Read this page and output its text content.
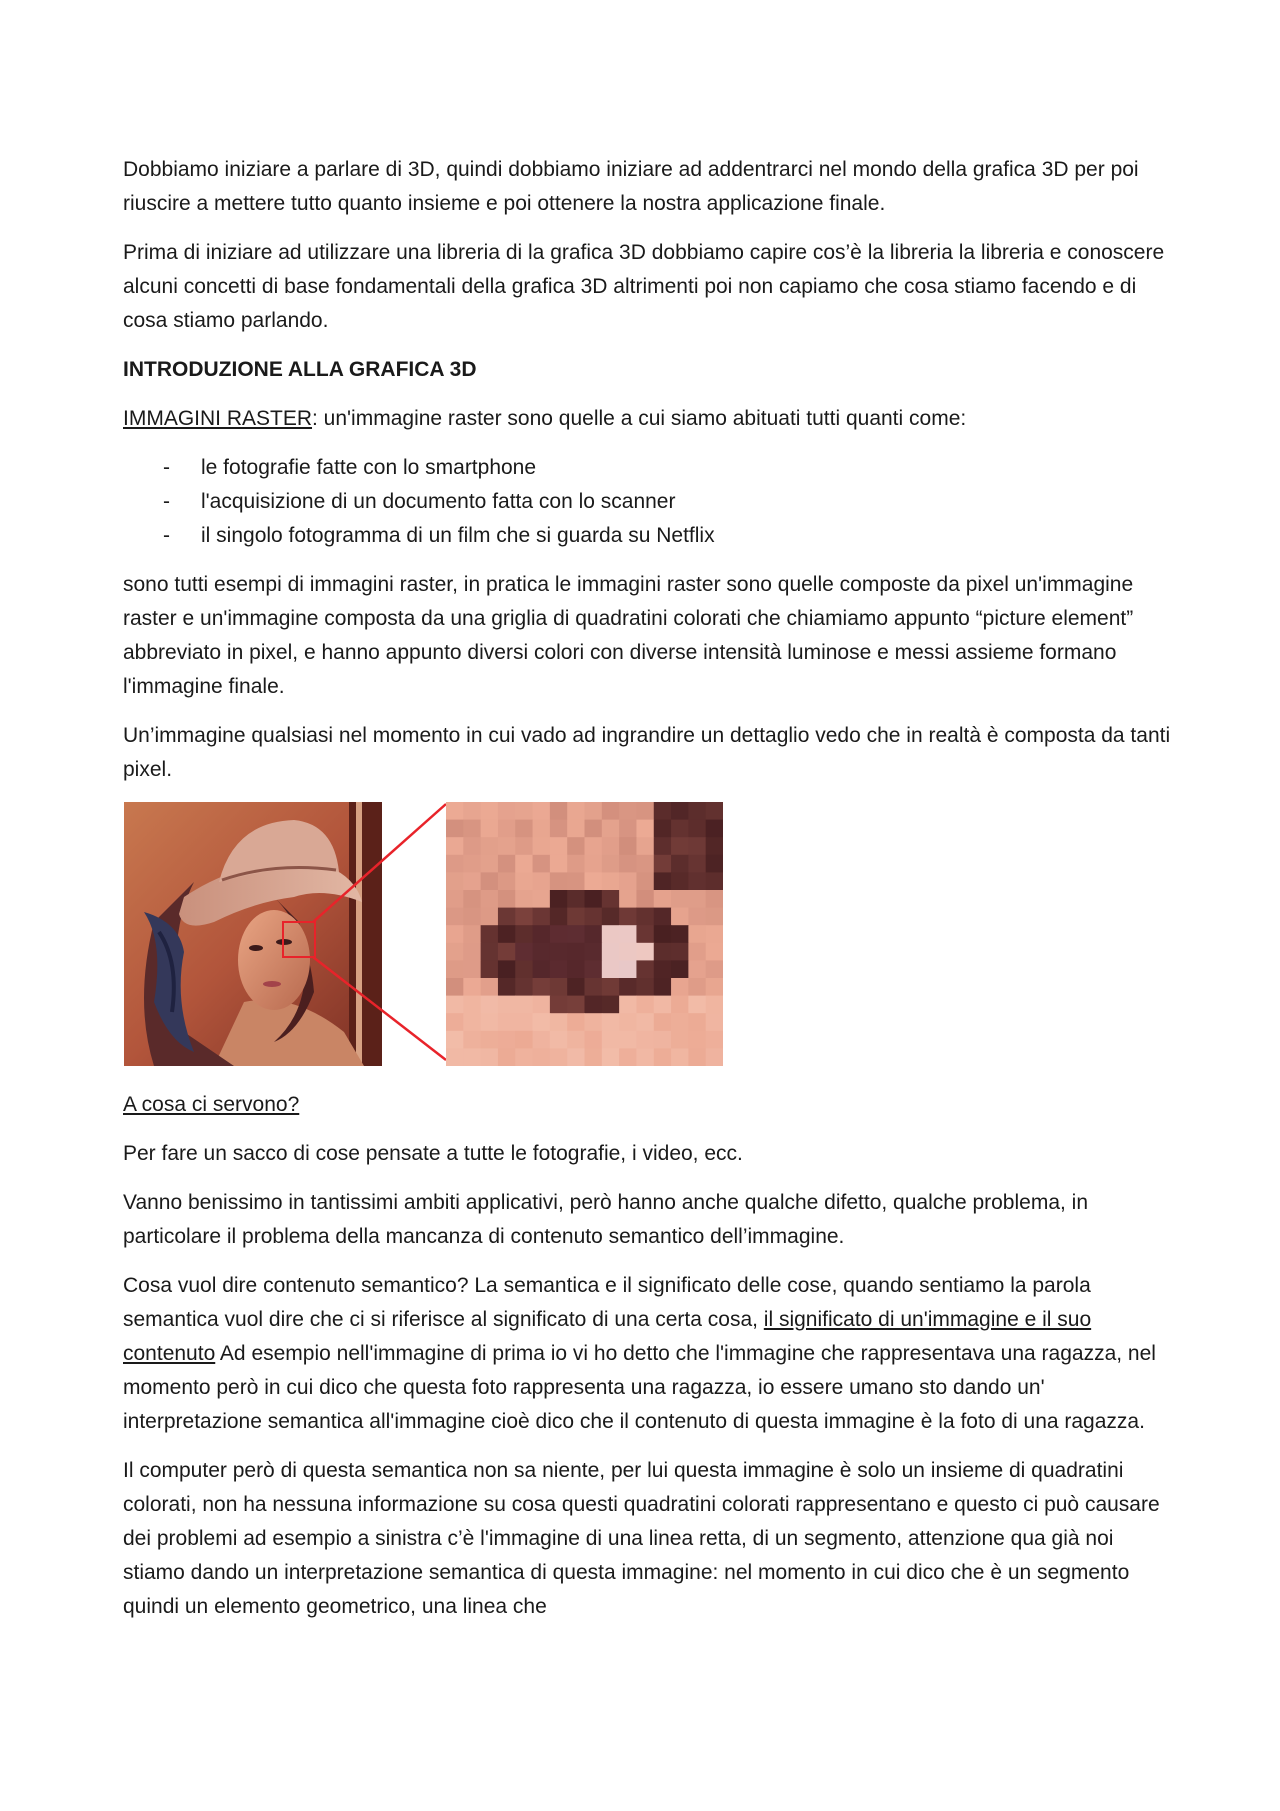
Dobbiamo iniziare a parlare di 3D, quindi dobbiamo iniziare ad addentrarci nel mondo della grafica 3D per poi riuscire a mettere tutto quanto insieme e poi ottenere la nostra applicazione finale.

Prima di iniziare ad utilizzare una libreria di la grafica 3D dobbiamo capire cos’è la libreria la libreria e conoscere alcuni concetti di base fondamentali della grafica 3D altrimenti poi non capiamo che cosa stiamo facendo e di cosa stiamo parlando.

INTRODUZIONE ALLA GRAFICA 3D

IMMAGINI RASTER: un'immagine raster sono quelle a cui siamo abituati tutti quanti come:

- le fotografie fatte con lo smartphone
- l'acquisizione di un documento fatta con lo scanner
- il singolo fotogramma di un film che si guarda su Netflix

sono tutti esempi di immagini raster, in pratica le immagini raster sono quelle composte da pixel un'immagine raster e un'immagine composta da una griglia di quadratini colorati che chiamiamo appunto “picture element” abbreviato in pixel, e hanno appunto diversi colori con diverse intensità luminose e messi assieme formano l'immagine finale.

Un’immagine qualsiasi nel momento in cui vado ad ingrandire un dettaglio vedo che in realtà è composta da tanti pixel.

A cosa ci servono?

Per fare un sacco di cose pensate a tutte le fotografie, i video, ecc.

Vanno benissimo in tantissimi ambiti applicativi, però hanno anche qualche difetto, qualche problema, in particolare il problema della mancanza di contenuto semantico dell’immagine.

Cosa vuol dire contenuto semantico? La semantica e il significato delle cose, quando sentiamo la parola semantica vuol dire che ci si riferisce al significato di una certa cosa, il significato di un'immagine e il suo contenuto Ad esempio nell'immagine di prima io vi ho detto che l'immagine che rappresentava una ragazza, nel momento però in cui dico che questa foto rappresenta una ragazza, io essere umano sto dando un' interpretazione semantica all'immagine cioè dico che il contenuto di questa immagine è la foto di una ragazza.

Il computer però di questa semantica non sa niente, per lui questa immagine è solo un insieme di quadratini colorati, non ha nessuna informazione su cosa questi quadratini colorati rappresentano e questo ci può causare dei problemi ad esempio a sinistra c’è l'immagine di una linea retta, di un segmento, attenzione qua già noi stiamo dando un interpretazione semantica di questa immagine: nel momento in cui dico che è un segmento quindi un elemento geometrico, una linea che
